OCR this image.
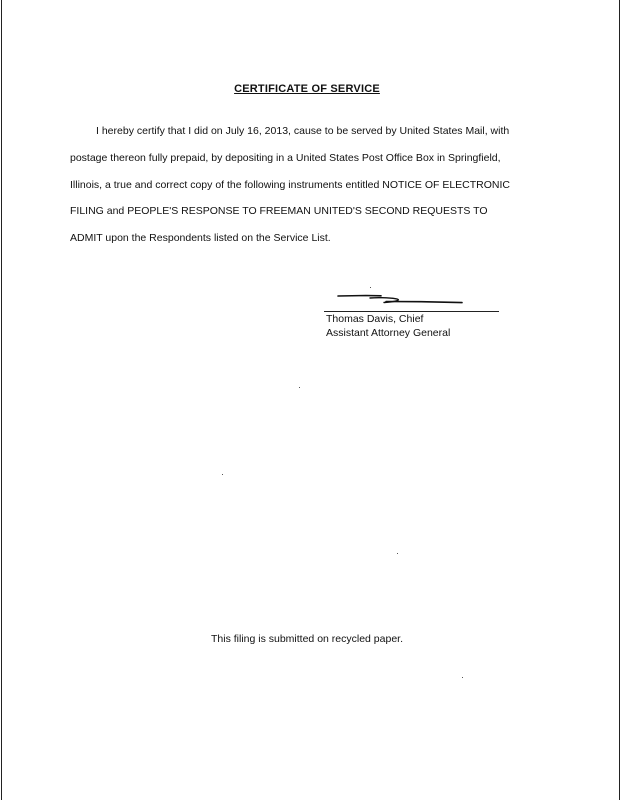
CERTIFICATE OF SERVICE
I hereby certify that I did on July 16, 2013, cause to be served by United States Mail, with
postage thereon fully prepaid, by depositing in a United States Post Office Box in Springfield,
Illinois, a true and correct copy of the following instruments entitled NOTICE OF ELECTRONIC
FILING and PEOPLE'S RESPONSE TO FREEMAN UNITED'S SECOND REQUESTS TO
ADMIT upon the Respondents listed on the Service List.
Thomas Davis, Chief
Assistant Attorney General
This filing is submitted on recycled paper.
